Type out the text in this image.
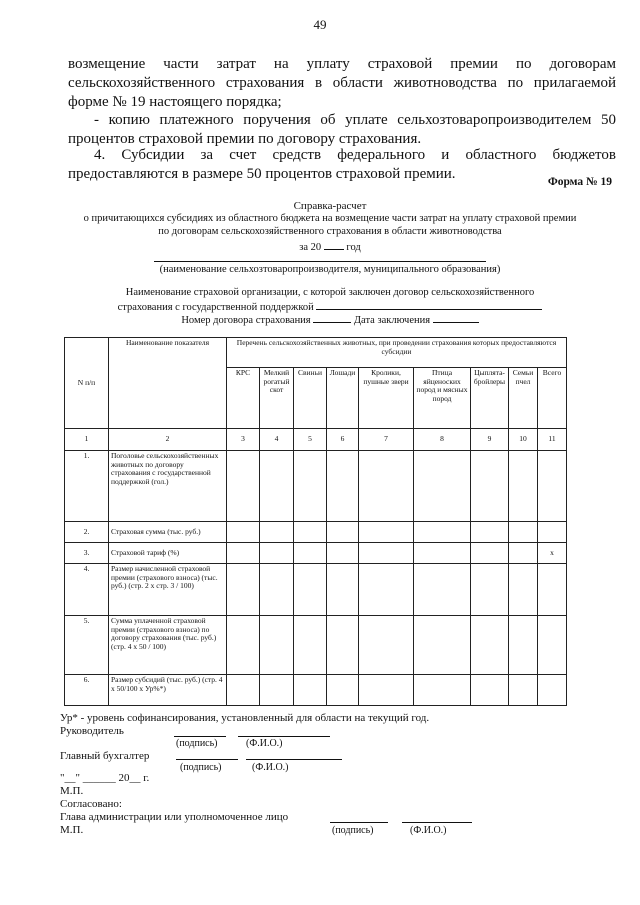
49
возмещение части затрат на уплату страховой премии по договорам
сельскохозяйственного страхования в области животноводства по прилагаемой
форме № 19 настоящего порядка;
- копию платежного поручения об уплате сельхозтоваропроизводителем 50
процентов страховой премии по договору страхования.
4. Субсидии за счет средств федерального и областного бюджетов
предоставляются в размере 50 процентов страховой премии.	Форма № 19
Справка-расчет
о причитающихся субсидиях из областного бюджета на возмещение части затрат на уплату страховой премии
по договорам сельскохозяйственного страхования в области животноводства
за 20 год
(наименование сельхозтоваропроизводителя, муниципального образования)
Наименование страховой организации, с которой заключен договор сельскохозяйственного
страхования с государственной поддержкой
Номер договора страхования	Дата заключения
N п/п	Наименование показателя	Перечень сельскохозяйственных животных, при проведении страхования которых предоставляются субсидии								
		КРС	Мелкий рогатый скот	Свиньи	Лошади	Кролики, пушные звери	Птица яйценоских пород и мясных пород	Цыплята-бройлеры	Семьи пчел	Всего
1	2	3	4	5	6	7	8	9	10	11
1.	Поголовье сельскохозяйственных животных по договору страхования с государственной поддержкой (гол.)									
2.	Страховая сумма (тыс. руб.)									
3.	Страховой тариф (%)									x
4.	Размер начисленной страховой премии (страхового взноса) (тыс. руб.) (стр. 2 x стр. 3 / 100)									
5.	Сумма уплаченной страховой премии (страхового взноса) по договору страхования (тыс. руб.) (стр. 4 x 50 / 100)									
6.	Размер субсидий (тыс. руб.) (стр. 4 x 50/100 x Ур%*)									
Ур* - уровень софинансирования, установленный для области на текущий год.
Руководитель
(подпись)	(Ф.И.О.)
Главный бухгалтер
(подпись)	(Ф.И.О.)
"__" ______ 20__ г.
М.П.
Согласовано:
Глава администрации или уполномоченное лицо
М.П.	(подпись)	(Ф.И.О.)
